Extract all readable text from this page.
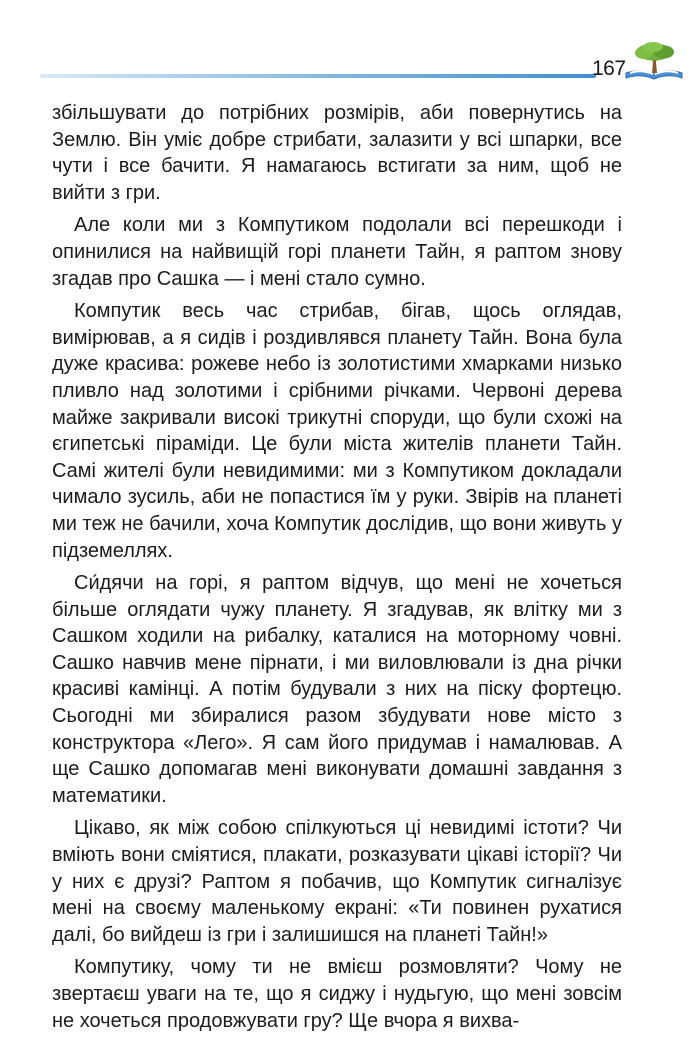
167

збільшувати до потрібних розмірів, аби повернутись на Землю. Він уміє добре стрибати, залазити у всі шпарки, все чути і все бачити. Я намагаюсь встигати за ним, щоб не вийти з гри.

Але коли ми з Компутиком подолали всі перешкоди і опинилися на найвищій горі планети Тайн, я раптом знову згадав про Сашка — і мені стало сумно.

Компутик весь час стрибав, бігав, щось оглядав, вимірював, а я сидів і роздивлявся планету Тайн. Вона була дуже красива: рожеве небо із золотистими хмарками низько пливло над золотими і срібними річками. Червоні дерева майже закривали високі трикутні споруди, що були схожі на єгипетські піраміди. Це були міста жителів планети Тайн. Самі жителі були невидимими: ми з Компутиком докладали чимало зусиль, аби не попастися їм у руки. Звірів на планеті ми теж не бачили, хоча Компутик дослідив, що вони живуть у підземеллях.

Си́дячи на горі, я раптом відчув, що мені не хочеться більше оглядати чужу планету. Я згадував, як влітку ми з Сашком ходили на рибалку, каталися на моторному човні. Сашко навчив мене пірнати, і ми виловлювали із дна річки красиві камінці. А потім будували з них на піску фортецю. Сьогодні ми збиралися разом збудувати нове місто з конструктора «Лего». Я сам його придумав і намалював. А ще Сашко допомагав мені виконувати домашні завдання з математики.

Цікаво, як між собою спілкуються ці невидимі істоти? Чи вміють вони сміятися, плакати, розказувати цікаві історії? Чи у них є друзі? Раптом я побачив, що Компутик сигналізує мені на своєму маленькому екрані: «Ти повинен рухатися далі, бо вийдеш із гри і залишишся на планеті Тайн!»

Компутику, чому ти не вмієш розмовляти? Чому не звертаєш уваги на те, що я сиджу і нудьгую, що мені зовсім не хочеться продовжувати гру? Ще вчора я вихва-
